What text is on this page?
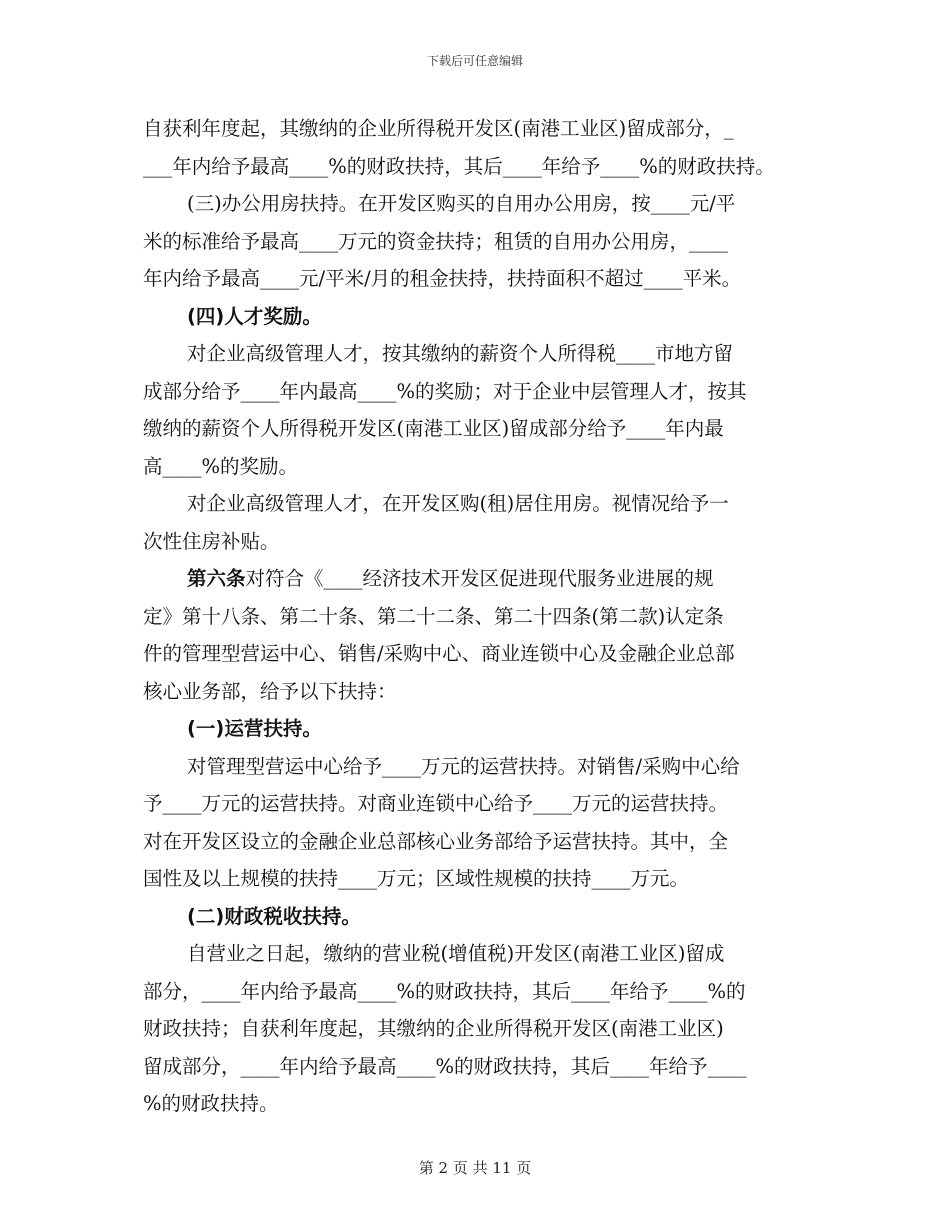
下载后可任意编辑
自获利年度起，其缴纳的企业所得税开发区(南港工业区)留成部分，_
___年内给予最高____%的财政扶持，其后____年给予____%的财政扶持。
(三)办公用房扶持。在开发区购买的自用办公用房，按____元/平
米的标准给予最高____万元的资金扶持；租赁的自用办公用房，____
年内给予最高____元/平米/月的租金扶持，扶持面积不超过____平米。
(四)人才奖励。
对企业高级管理人才，按其缴纳的薪资个人所得税____市地方留
成部分给予____年内最高____%的奖励；对于企业中层管理人才，按其
缴纳的薪资个人所得税开发区(南港工业区)留成部分给予____年内最
高____%的奖励。
对企业高级管理人才，在开发区购(租)居住用房。视情况给予一
次性住房补贴。
第六条对符合《____经济技术开发区促进现代服务业进展的规
定》第十八条、第二十条、第二十二条、第二十四条(第二款)认定条
件的管理型营运中心、销售/采购中心、商业连锁中心及金融企业总部
核心业务部，给予以下扶持：
(一)运营扶持。
对管理型营运中心给予____万元的运营扶持。对销售/采购中心给
予____万元的运营扶持。对商业连锁中心给予____万元的运营扶持。
对在开发区设立的金融企业总部核心业务部给予运营扶持。其中，全
国性及以上规模的扶持____万元；区域性规模的扶持____万元。
(二)财政税收扶持。
自营业之日起，缴纳的营业税(增值税)开发区(南港工业区)留成
部分，____年内给予最高____%的财政扶持，其后____年给予____%的
财政扶持；自获利年度起，其缴纳的企业所得税开发区(南港工业区)
留成部分，____年内给予最高____%的财政扶持，其后____年给予____
%的财政扶持。
第 2 页 共 11 页
